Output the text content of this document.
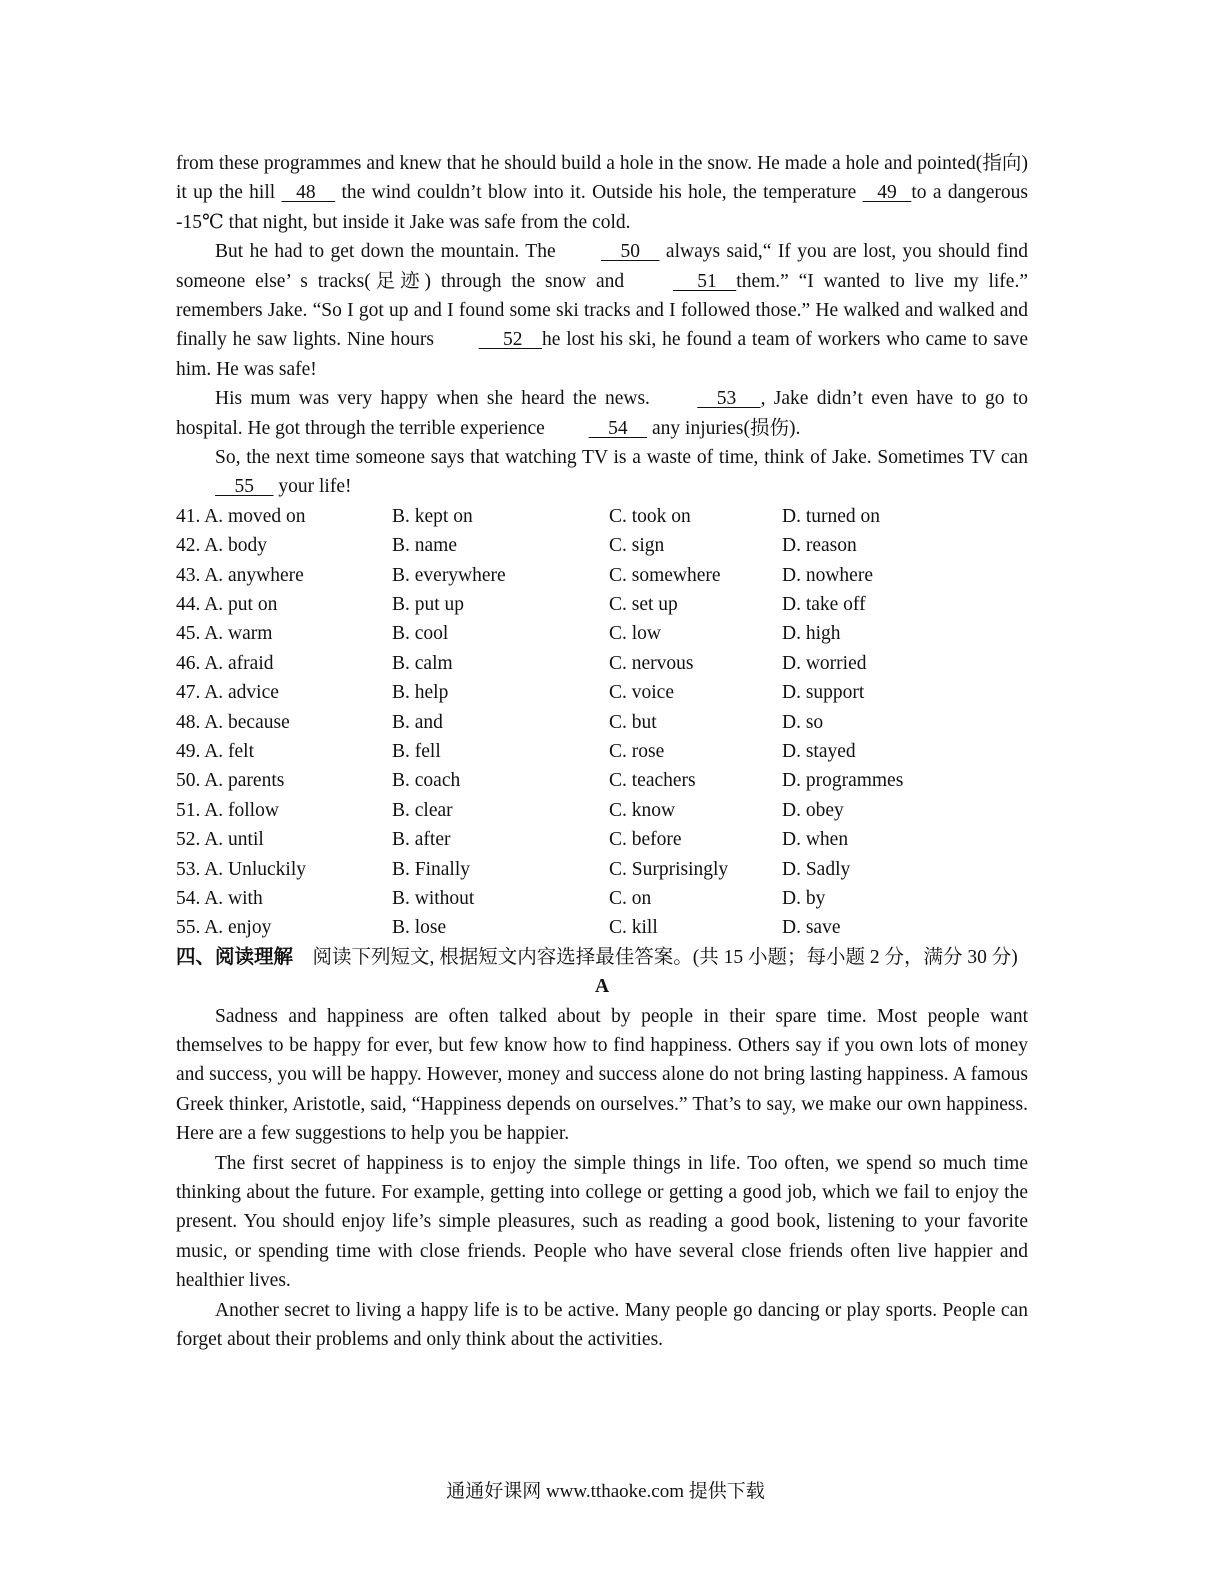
from these programmes and knew that he should build a hole in the snow. He made a hole and pointed(指向) it up the hill    48     the wind couldn’t blow into it. Outside his hole, the temperature    49   to a dangerous -15℃ that night, but inside it Jake was safe from the cold.

But he had to get down the mountain. The     50     always said,“ If you are lost, you should find someone else’ s tracks(足迹) through the snow and      51    them.” “I wanted to live my life.” remembers Jake. “So I got up and I found some ski tracks and I followed those.” He walked and walked and finally he saw lights. Nine hours      52    he lost his ski, he found a team of workers who came to save him. He was safe!

His mum was very happy when she heard the news.     53     , Jake didn’t even have to go to hospital. He got through the terrible experience     54     any injuries(损伤).

So, the next time someone says that watching TV is a waste of time, think of Jake. Sometimes TV can     55     your life!

41. A. moved on	B. kept on	C. took on	D. turned on
42. A. body	B. name	C. sign	D. reason
43. A. anywhere	B. everywhere	C. somewhere	D. nowhere
44. A. put on	B. put up	C. set up	D. take off
45. A. warm	B. cool	C. low	D. high
46. A. afraid	B. calm	C. nervous	D. worried
47. A. advice	B. help	C. voice	D. support
48. A. because	B. and	C. but	D. so
49. A. felt	B. fell	C. rose	D. stayed
50. A. parents	B. coach	C. teachers	D. programmes
51. A. follow	B. clear	C. know	D. obey
52. A. until	B. after	C. before	D. when
53. A. Unluckily	B. Finally	C. Surprisingly	D. Sadly
54. A. with	B. without	C. on	D. by
55. A. enjoy	B. lose	C. kill	D. save
四、阅读理解　阅读下列短文, 根据短文内容选择最佳答案。(共 15 小题；每小题 2 分，满分 30 分)
A

Sadness and happiness are often talked about by people in their spare time. Most people want themselves to be happy for ever, but few know how to find happiness. Others say if you own lots of money and success, you will be happy. However, money and success alone do not bring lasting happiness. A famous Greek thinker, Aristotle, said, “Happiness depends on ourselves.” That’s to say, we make our own happiness. Here are a few suggestions to help you be happier.

The first secret of happiness is to enjoy the simple things in life. Too often, we spend so much time thinking about the future. For example, getting into college or getting a good job, which we fail to enjoy the present. You should enjoy life’s simple pleasures, such as reading a good book, listening to your favorite music, or spending time with close friends. People who have several close friends often live happier and healthier lives.

Another secret to living a happy life is to be active. Many people go dancing or play sports. People can forget about their problems and only think about the activities.

通通好课网 www.tthaoke.com 提供下载
